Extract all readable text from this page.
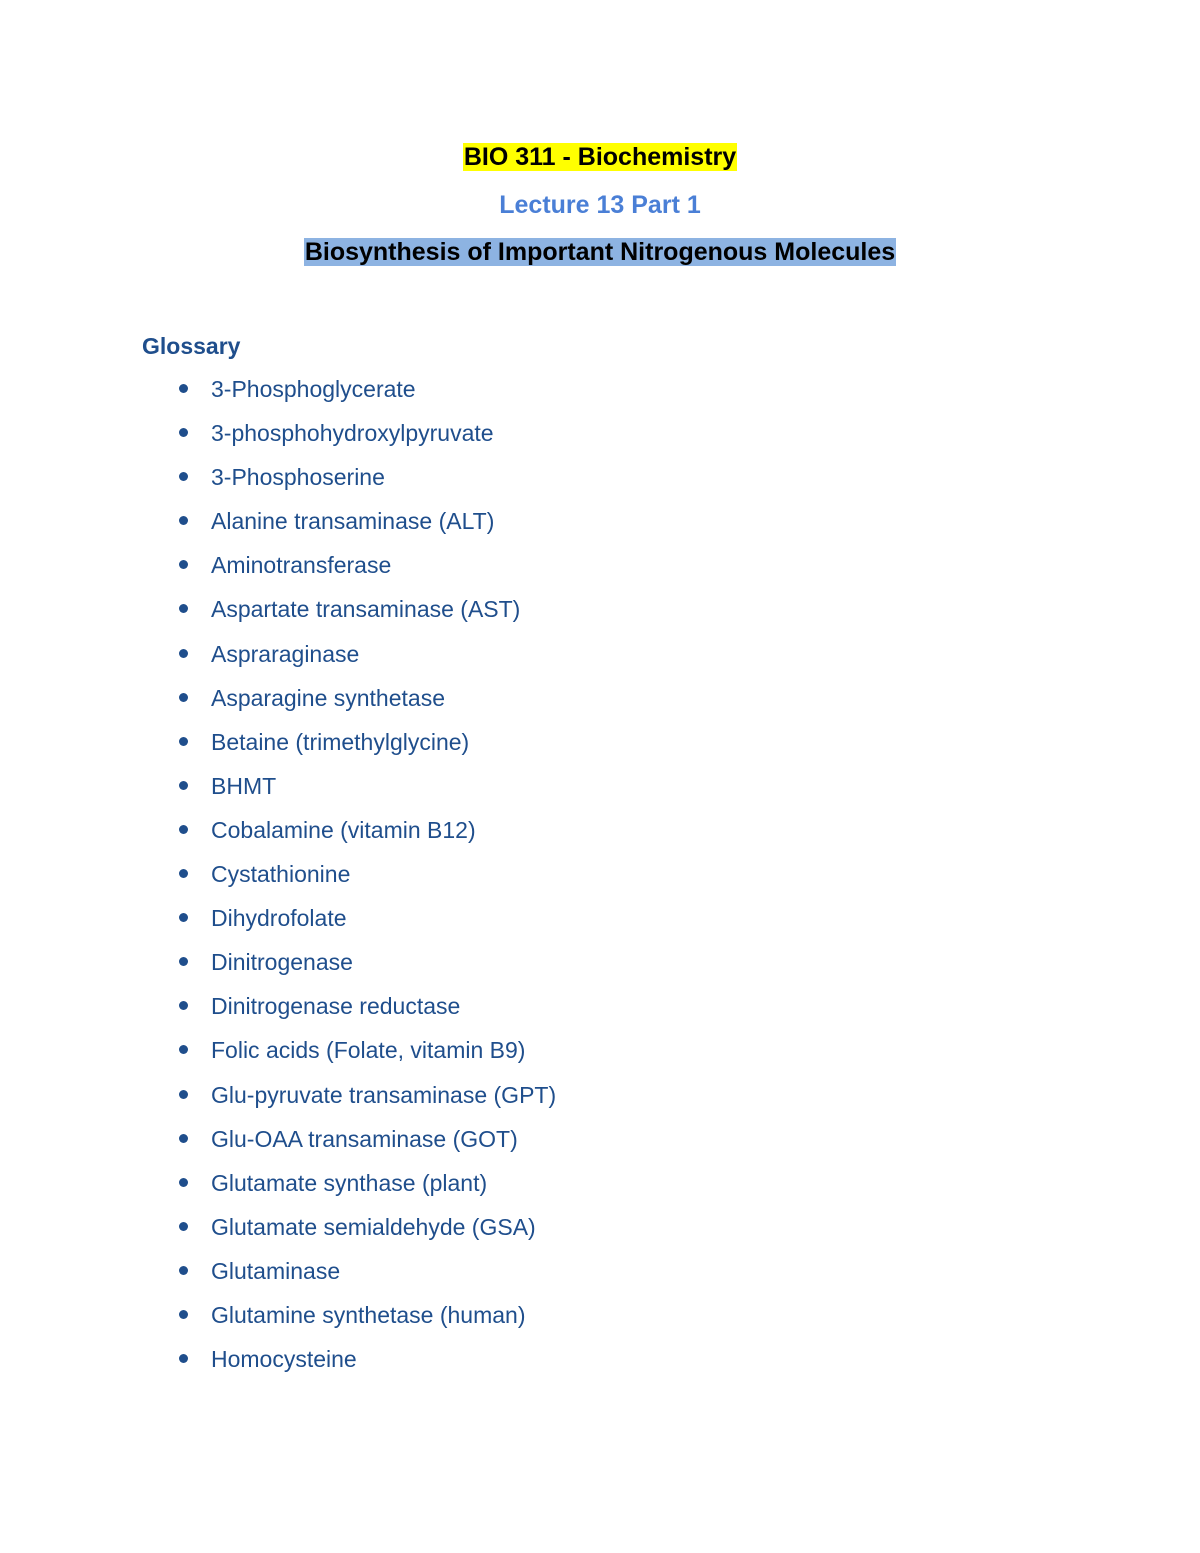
BIO 311 - Biochemistry
Lecture 13 Part 1
Biosynthesis of Important Nitrogenous Molecules
Glossary
3-Phosphoglycerate
3-phosphohydroxylpyruvate
3-Phosphoserine
Alanine transaminase (ALT)
Aminotransferase
Aspartate transaminase (AST)
Aspraraginase
Asparagine synthetase
Betaine (trimethylglycine)
BHMT
Cobalamine (vitamin B12)
Cystathionine
Dihydrofolate
Dinitrogenase
Dinitrogenase reductase
Folic acids (Folate, vitamin B9)
Glu-pyruvate transaminase (GPT)
Glu-OAA transaminase (GOT)
Glutamate synthase (plant)
Glutamate semialdehyde (GSA)
Glutaminase
Glutamine synthetase (human)
Homocysteine
